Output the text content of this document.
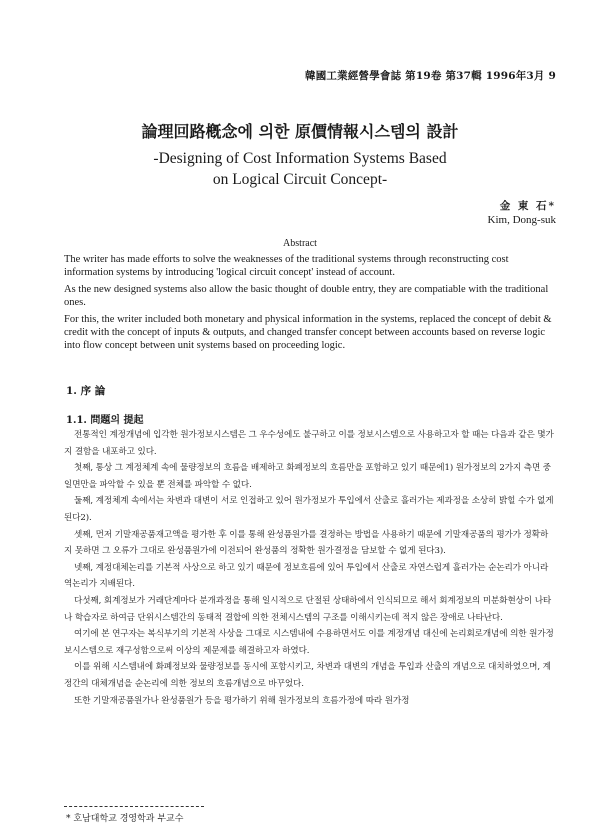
韓國工業經營學會誌 第19卷 第37輯 1996年3月 9
論理回路槪念에 의한 原價情報시스템의 設計
-Designing of Cost Information Systems Based
on Logical Circuit Concept-
金 東 石*
Kim, Dong-suk
Abstract

The writer has made efforts to solve the weaknesses of the traditional systems through reconstructing cost information systems by introducing 'logical circuit concept' instead of account.

As the new designed systems also allow the basic thought of double entry, they are compatiable with the traditional ones.

For this, the writer included both monetary and physical information in the systems, replaced the concept of debit & credit with the concept of inputs & outputs, and changed transfer concept between accounts based on reverse logic into flow concept between unit systems based on proceeding logic.

1. 序 論
1.1. 問題의 提起

전통적인 계정개념에 입각한 원가정보시스템은 그 우수성에도 불구하고 이를 정보시스템으로 사용하고자 할 때는 다음과 같은 몇가지 결함을 내포하고 있다.

첫째, 통상 그 계정체계 속에 물량정보의 흐름을 배제하고 화폐정보의 흐름만을 포함하고 있기 때문에1) 원가정보의 2가지 측면 중 일면만을 파악할 수 있을 뿐 전체를 파악할 수 없다.

둘째, 계정체계 속에서는 차변과 대변이 서로 인접하고 있어 원가정보가 투입에서 산출로 흘러가는 제과정을 소상히 밝힐 수가 없게 된다2).

셋째, 먼저 기말재공품재고액을 평가한 후 이를 통해 완성품원가를 결정하는 방법을 사용하기 때문에 기말재공품의 평가가 정확하지 못하면 그 오류가 그대로 완성품원가에 이전되어 완성품의 정확한 원가결정을 담보할 수 없게 된다3).

넷째, 계정대체논리를 기본적 사상으로 하고 있기 때문에 정보흐름에 있어 투입에서 산출로 자연스럽게 흘러가는 순논리가 아니라 역논리가 지배된다.

다섯째, 회계정보가 거래단계마다 분개과정을 통해 일시적으로 단절된 상태하에서 인식되므로 해서 회계정보의 미분화현상이 나타나 학습자로 하여금 단위시스템간의 동태적 결합에 의한 전체시스템의 구조를 이해시키는데 적지 않은 장애로 나타난다.

여기에 본 연구자는 복식부기의 기본적 사상을 그대로 시스템내에 수용하면서도 이를 계정개념 대신에 논리회로개념에 의한 원가정보시스템으로 재구성함으로써 이상의 제문제를 해결하고자 하였다.

이를 위해 시스템내에 화폐정보와 물량정보를 동시에 포함시키고, 차변과 대변의 개념을 투입과 산출의 개념으로 대치하였으며, 계정간의 대체개념을 순논리에 의한 정보의 흐름개념으로 바꾸었다.

또한 기말재공품원가나 완성품원가 등을 평가하기 위해 원가정보의 흐름가정에 따라 원가정

* 호남대학교 경영학과 부교수
